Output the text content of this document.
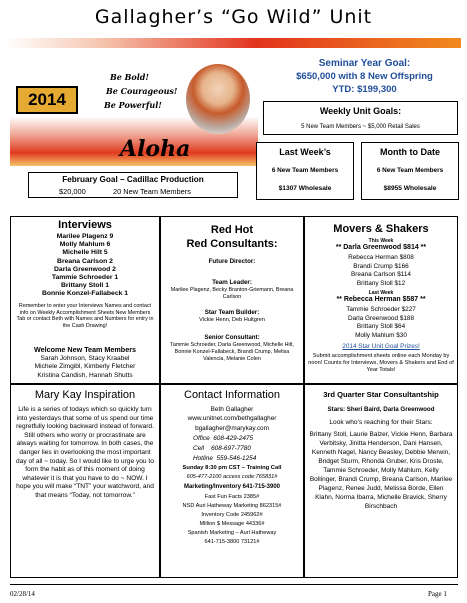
Gallagher’s “Go Wild” Unit
2014
Be Bold!
Be Courageous!
Be Powerful!
Aloha
Seminar Year Goal:
$650,000 with 8 New Offspring
YTD: $199,300
Weekly Unit Goals:
5 New Team Members ~ $5,000 Retail Sales
Last Week’s
6 New Team Members
$1307 Wholesale
Month to Date
6 New Team Members
$8955 Wholesale
February Goal – Cadillac Production
$20,000	20 New Team Members
Interviews
Marilee Plagenz 9
Molly Mahlum 6
Michelle Hilt 5
Breana Carlson 2
Darla Greenwood 2
Tammie Schroeder 1
Brittany Stoll 1
Bonnie Konzel-Fallabeck 1
Remember to enter your Interviews Names and contact info on Weekly Accomplishment Sheets New Members Tab or contact Beth with Names and Numbers for entry in the Cash Drawing!
Welcome New Team Members
Sarah Johnson, Stacy Kraabel
Michele Zimgibl, Kimberly Fletcher
Kristina Candish, Hannah Shutts
Red Hot
Red Consultants:
Future Director:
Team Leader:
Marilee Plagenz, Becky Branton-Griemann, Breana Carlson
Star Team Builder:
Vickie Henn, Deb Hultgren
Senior Consultant:
Tammie Schroeder, Darla Greenwood, Michelle Hilt, Bonnie Konzel-Fallabeck, Brandi Crump, Melisa Valencia, Melanie Colen
Movers & Shakers
This Week
** Darla Greenwood $814 **
Rebecca Herman $808
Brandi Crump $166
Breana Carlson $114
Brittany Stoll $12
Last Week
** Rebecca Herman $587 **
Tammie Schroeder $227
Darla Greenwood $188
Brittany Stoll $64
Molly Mahlum $30
2014 Star Unit Goal Prizes!
Submit accomplishment sheets online each Monday by noon! Counts for Interviews, Movers & Shakers and End of Year Totals!
Mary Kay Inspiration
Life is a series of todays which so quickly turn into yesterdays that some of us spend our time regretfully looking backward instead of forward. Still others who worry or procrastinate are always waiting for tomorrow. In both cases, the danger lies in overlooking the most important day of all ~ today. So I would like to urge you to form the habit as of this moment of doing whatever it is that you have to do ~ NOW. I hope you will make “TNT” your watchword, and that means “Today, not tomorrow.”
Contact Information
Beth Gallagher
www.unitnet.com/bethgallagher
bgallagher@marykay.com
Office  608-429-2475
Cell    608-697-7780
Hotline  559-546-1254
Sunday 8:30 pm CST – Training Call
605-477-2100 access code:765831#
Marketing/Inventory 641-715-3900
Fast Fun Facts 2385#
NSD Auri Hatheway Marketing 862315#
Inventory Code 245962#
Million $ Message 44336#
Spanish Marketing – Auri Hatheway
641-715-3800 73121#
3rd Quarter Star Consultantship
Stars: Sheri Baird, Darla Greenwood
Look who’s reaching for their Stars:
Brittany Stoll, Laurie Balzer, Vickie Henn, Barbara Verbitsky, Jinitta Henderson, Dani Hansen, Kenneth Nagel, Nancy Beasley, Debbie Merwin, Bridget Sturm, Rhonda Gruber, Kris Droste, Tammie Schroeder, Molly Mahlum, Kelly Bollinger, Brandi Crump, Breana Carlson, Marilee Plagenz, Renee Judd, Melissa Borde, Ellen Klahn, Norma Ibarra, Michelle Bravick, Sherry Birschbach
02/28/14	Page 1
